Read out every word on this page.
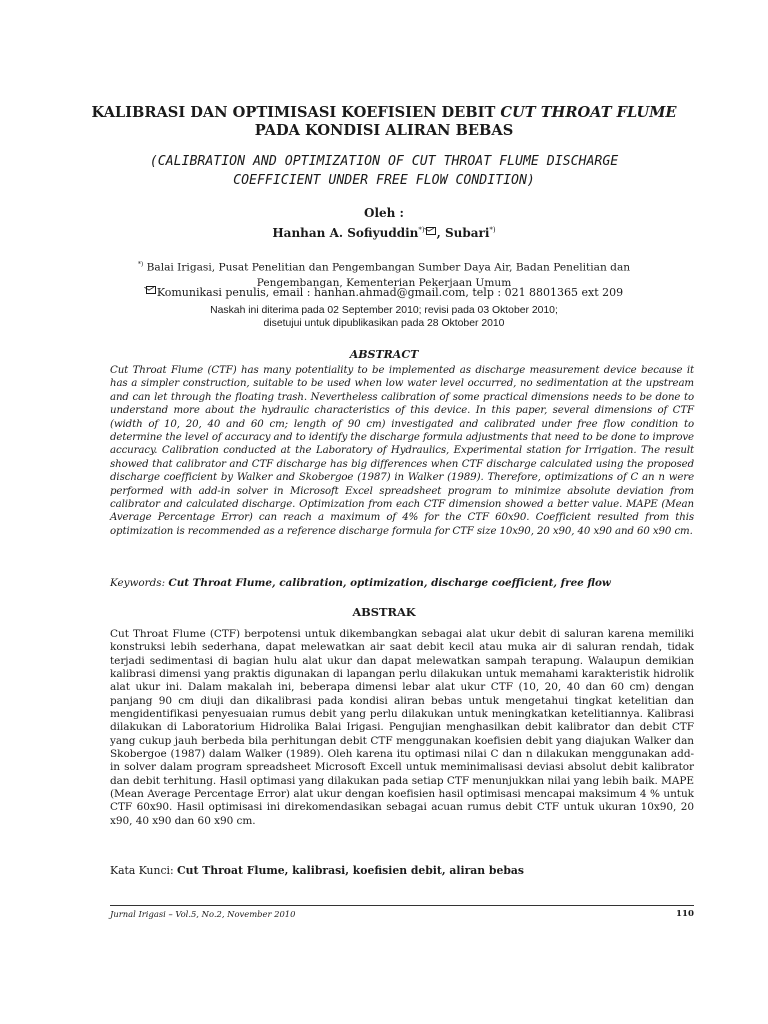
KALIBRASI DAN OPTIMISASI KOEFISIEN DEBIT CUT THROAT FLUME
PADA KONDISI ALIRAN BEBAS
(CALIBRATION AND OPTIMIZATION OF CUT THROAT FLUME DISCHARGE
COEFFICIENT UNDER FREE FLOW CONDITION)
Oleh :
Hanhan A. Sofiyuddin*) , Subari*)
*) Balai Irigasi, Pusat Penelitian dan Pengembangan Sumber Daya Air, Badan Penelitian dan
Pengembangan, Kementerian Pekerjaan Umum
Komunikasi penulis, email : hanhan.ahmad@gmail.com, telp : 021 8801365 ext 209
Naskah ini diterima pada 02 September 2010; revisi pada 03 Oktober 2010;
disetujui untuk dipublikasikan pada 28 Oktober 2010
ABSTRACT

Cut Throat Flume (CTF) has many potentiality to be implemented as discharge measurement device because it has a simpler construction, suitable to be used when low water level occurred, no sedimentation at the upstream and can let through the floating trash. Nevertheless calibration of some practical dimensions needs to be done to understand more about the hydraulic characteristics of this device. In this paper, several dimensions of CTF (width of 10, 20, 40 and 60 cm; length of 90 cm) investigated and calibrated under free flow condition to determine the level of accuracy and to identify the discharge formula adjustments that need to be done to improve accuracy. Calibration conducted at the Laboratory of Hydraulics, Experimental station for Irrigation. The result showed that calibrator and CTF discharge has big differences when CTF discharge calculated using the proposed discharge coefficient by Walker and Skobergoe (1987) in Walker (1989). Therefore, optimizations of C an n were performed with add-in solver in Microsoft Excel spreadsheet program to minimize absolute deviation from calibrator and calculated discharge. Optimization from each CTF dimension showed a better value. MAPE (Mean Average Percentage Error) can reach a maximum of 4% for the CTF 60x90. Coefficient resulted from this optimization is recommended as a reference discharge formula for CTF size 10x90, 20 x90, 40 x90 and 60 x90 cm.

Keywords: Cut Throat Flume, calibration, optimization, discharge coefficient, free flow
ABSTRAK

Cut Throat Flume (CTF) berpotensi untuk dikembangkan sebagai alat ukur debit di saluran karena memiliki konstruksi lebih sederhana, dapat melewatkan air saat debit kecil atau muka air di saluran rendah, tidak terjadi sedimentasi di bagian hulu alat ukur dan dapat melewatkan sampah terapung. Walaupun demikian kalibrasi dimensi yang praktis digunakan di lapangan perlu dilakukan untuk memahami karakteristik hidrolik alat ukur ini. Dalam makalah ini, beberapa dimensi lebar alat ukur CTF (10, 20, 40 dan 60 cm) dengan panjang 90 cm diuji dan dikalibrasi pada kondisi aliran bebas untuk mengetahui tingkat ketelitian dan mengidentifikasi penyesuaian rumus debit yang perlu dilakukan untuk meningkatkan ketelitiannya. Kalibrasi dilakukan di Laboratorium Hidrolika Balai Irigasi. Pengujian menghasilkan debit kalibrator dan debit CTF yang cukup jauh berbeda bila perhitungan debit CTF menggunakan koefisien debit yang diajukan Walker dan Skobergoe (1987) dalam Walker (1989). Oleh karena itu optimasi nilai C dan n dilakukan menggunakan add-in solver dalam program spreadsheet Microsoft Excell untuk meminimalisasi deviasi absolut debit kalibrator dan debit terhitung. Hasil optimasi yang dilakukan pada setiap CTF menunjukkan nilai yang lebih baik. MAPE (Mean Average Percentage Error) alat ukur dengan koefisien hasil optimisasi mencapai maksimum 4 % untuk CTF 60x90. Hasil optimisasi ini direkomendasikan sebagai acuan rumus debit CTF untuk ukuran 10x90, 20 x90, 40 x90 dan 60 x90 cm.

Kata Kunci: Cut Throat Flume, kalibrasi, koefisien debit, aliran bebas
Jurnal Irigasi – Vol.5, No.2, November 2010	110
